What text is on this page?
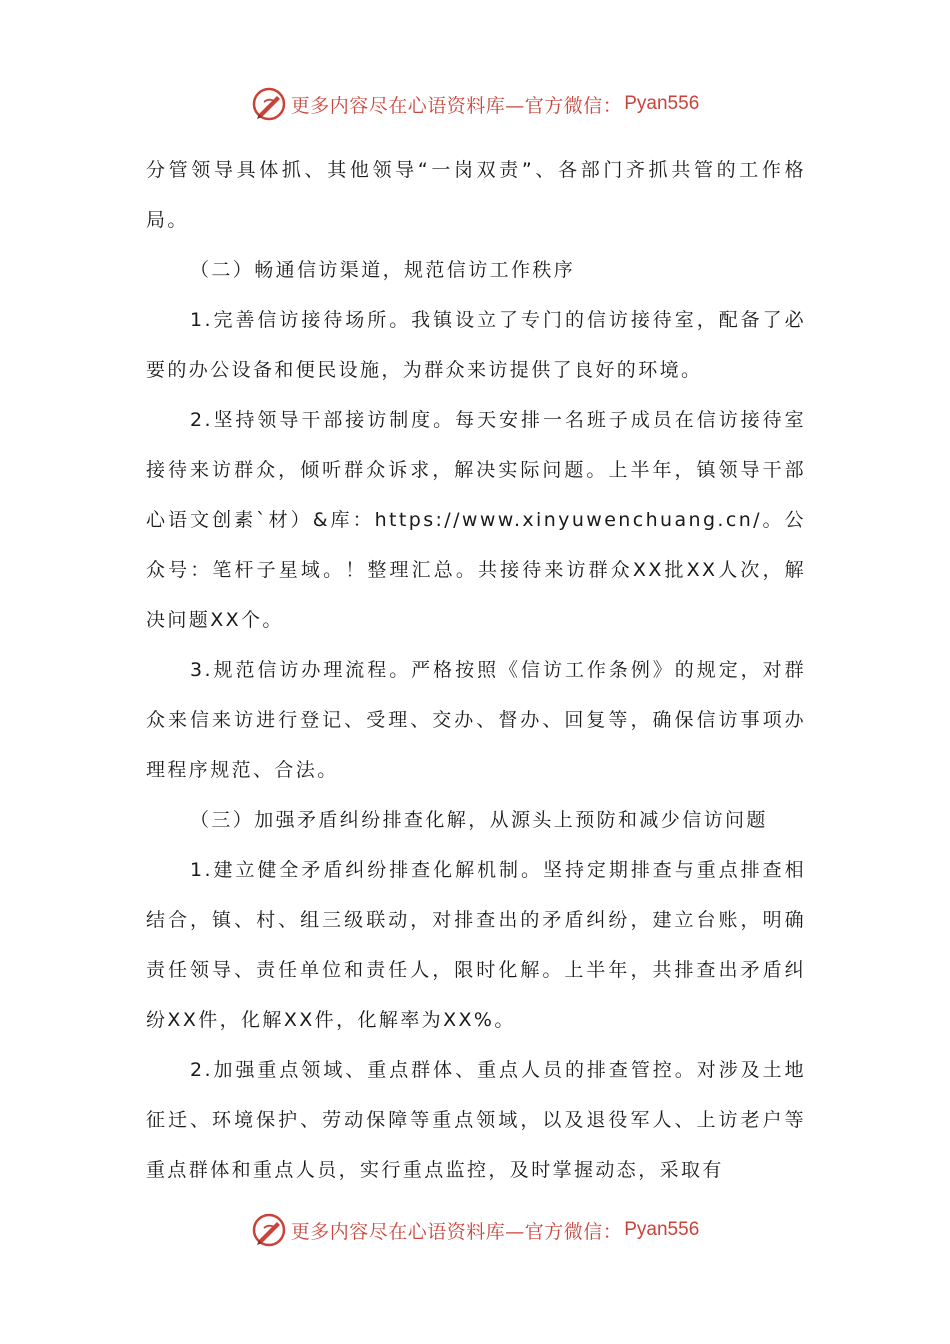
更多内容尽在心语资料库—官方微信： Pyan556

分管领导具体抓、其他领导“一岗双责”、各部门齐抓共管的工作格局。

（二）畅通信访渠道，规范信访工作秩序

1.完善信访接待场所。我镇设立了专门的信访接待室，配备了必要的办公设备和便民设施，为群众来访提供了良好的环境。

2.坚持领导干部接访制度。每天安排一名班子成员在信访接待室接待来访群众，倾听群众诉求，解决实际问题。上半年，镇领导干部心语文创素`材）&库：https://www.xinyuwenchuang.cn/。公众号：笔杆子星域。！整理汇总。共接待来访群众XX批XX人次，解决问题XX个。

3.规范信访办理流程。严格按照《信访工作条例》的规定，对群众来信来访进行登记、受理、交办、督办、回复等，确保信访事项办理程序规范、合法。

（三）加强矛盾纠纷排查化解，从源头上预防和减少信访问题

1.建立健全矛盾纠纷排查化解机制。坚持定期排查与重点排查相结合，镇、村、组三级联动，对排查出的矛盾纠纷，建立台账，明确责任领导、责任单位和责任人，限时化解。上半年，共排查出矛盾纠纷XX件，化解XX件，化解率为XX%。

2.加强重点领域、重点群体、重点人员的排查管控。对涉及土地征迁、环境保护、劳动保障等重点领域，以及退役军人、上访老户等重点群体和重点人员，实行重点监控，及时掌握动态，采取有

更多内容尽在心语资料库—官方微信： Pyan556
